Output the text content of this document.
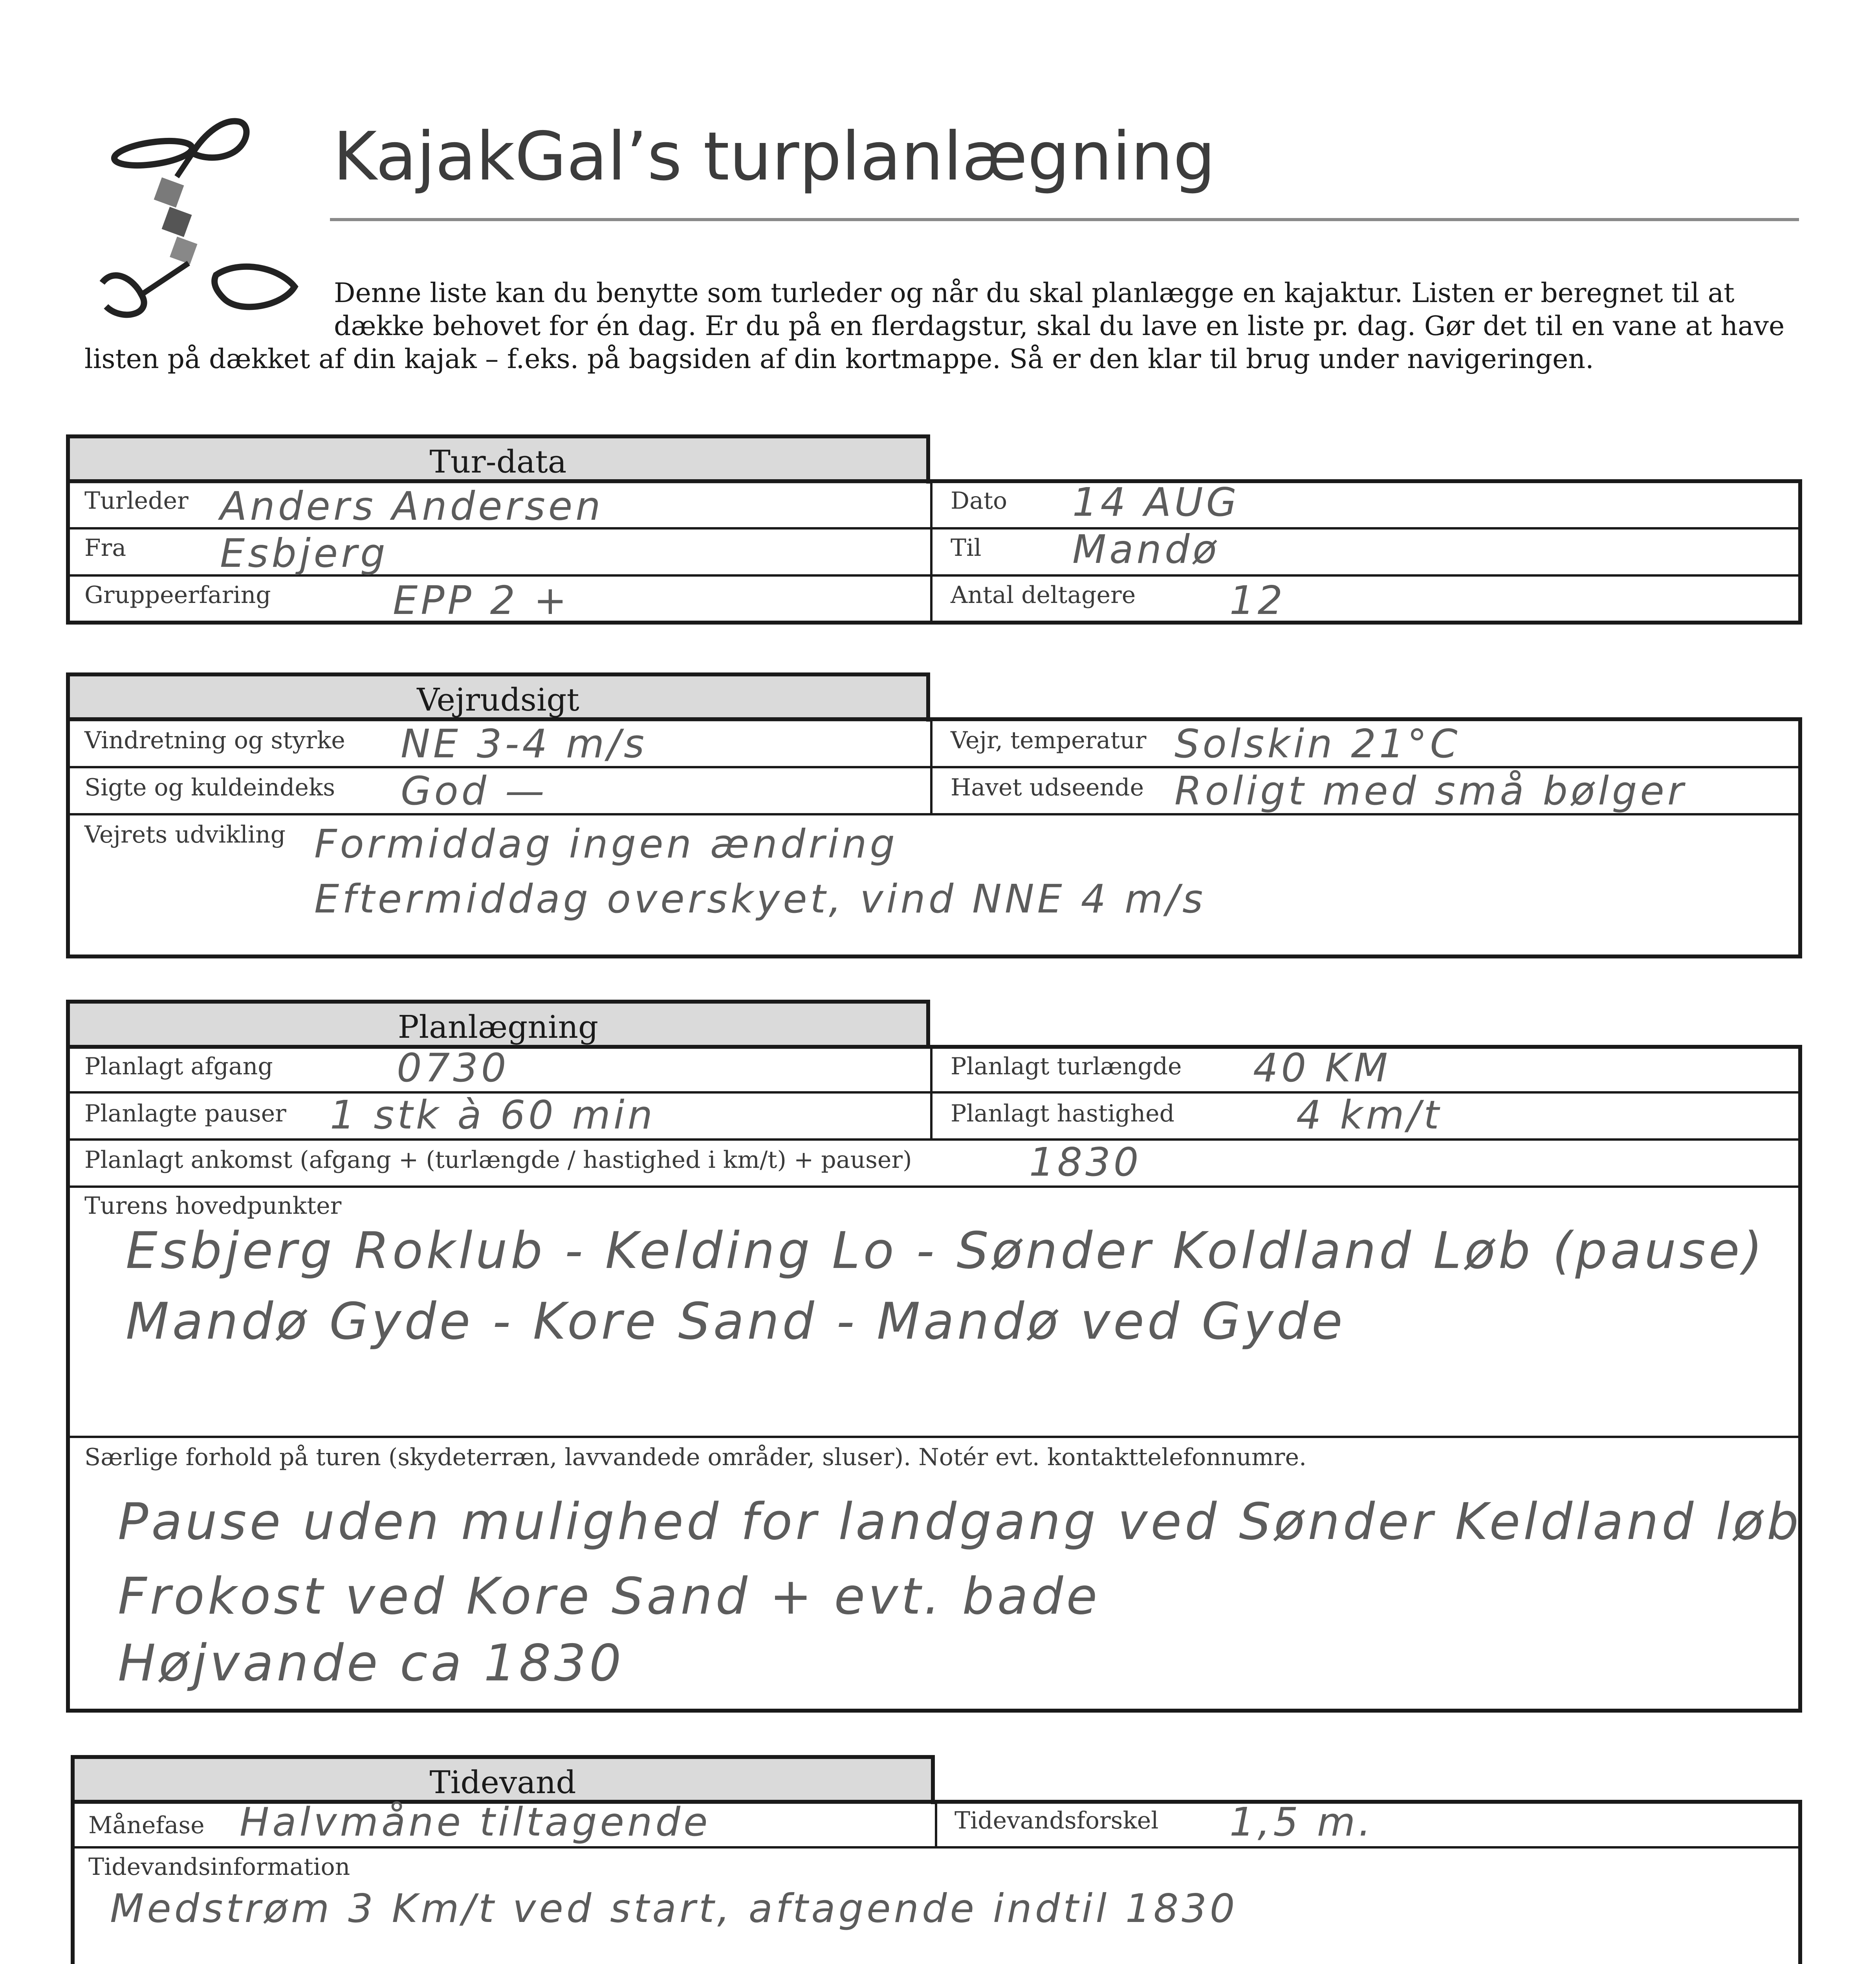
KajakGal’s turplanlægning
Denne liste kan du benytte som turleder og når du skal planlægge en kajaktur. Listen er beregnet til at
dække behovet for én dag. Er du på en flerdagstur, skal du lave en liste pr. dag. Gør det til en vane at have
listen på dækket af din kajak – f.eks. på bagsiden af din kortmappe. Så er den klar til brug under navigeringen.
Tur-data
Turleder
Fra
Gruppeerfaring
Dato
Til
Antal deltagere
Anders Andersen
Esbjerg
EPP 2 +
14 AUG
Mandø
12
Vejrudsigt
Vindretning og styrke
Sigte og kuldeindeks
Vejr, temperatur
Havet udseende
Vejrets udvikling
NE 3-4 m/s
God —
Solskin 21°C
Roligt med små bølger
Formiddag ingen ændring
Eftermiddag overskyet, vind NNE 4 m/s
Planlægning
Planlagt afgang
Planlagte pauser
Planlagt turlængde
Planlagt hastighed
Planlagt ankomst (afgang + (turlængde / hastighed i km/t) + pauser)
Turens hovedpunkter
Særlige forhold på turen (skydeterræn, lavvandede områder, sluser). Notér evt. kontakttelefonnumre.
0730
1 stk à 60 min
40 KM
4 km/t
1830
Esbjerg Roklub - Kelding Lo - Sønder Koldland Løb (pause)
Mandø Gyde - Kore Sand - Mandø ved Gyde
Pause uden mulighed for landgang ved Sønder Keldland løb
Frokost ved Kore Sand + evt. bade
Højvande ca 1830
Tidevand
Månefase	Tidevandsforskel
Tidevandsinformation
Halvmåne tiltagende	1,5 m.
Medstrøm 3 Km/t ved start, aftagende indtil 1830
